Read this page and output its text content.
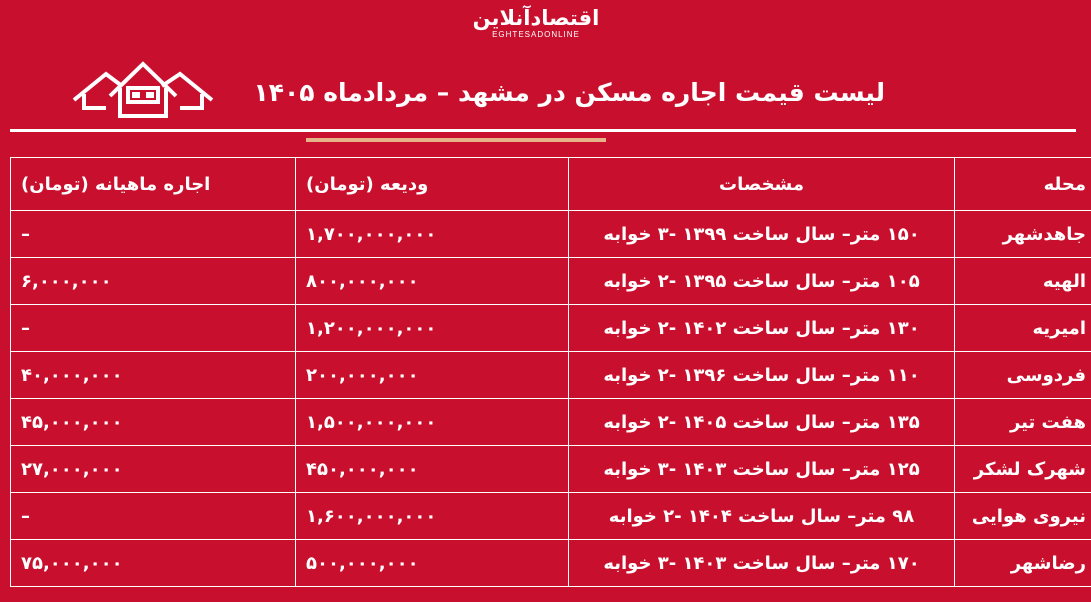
اقتصادآنلاین
EGHTESADONLINE
لیست قیمت اجاره مسکن در مشهد – مردادماه ۱۴۰۵
محله	مشخصات	ودیعه (تومان)	اجاره ماهیانه (تومان)
جاهدشهر	۱۵۰ متر– سال ساخت ۱۳۹۹ -۳ خوابه	۱,۷۰۰,۰۰۰,۰۰۰	–
الهیه	۱۰۵ متر– سال ساخت ۱۳۹۵ -۲ خوابه	۸۰۰,۰۰۰,۰۰۰	۶,۰۰۰,۰۰۰
امیریه	۱۳۰ متر– سال ساخت ۱۴۰۲ -۲ خوابه	۱,۲۰۰,۰۰۰,۰۰۰	–
فردوسی	۱۱۰ متر– سال ساخت ۱۳۹۶ -۲ خوابه	۲۰۰,۰۰۰,۰۰۰	۴۰,۰۰۰,۰۰۰
هفت تیر	۱۳۵ متر– سال ساخت ۱۴۰۵ -۲ خوابه	۱,۵۰۰,۰۰۰,۰۰۰	۴۵,۰۰۰,۰۰۰
شهرک لشکر	۱۲۵ متر– سال ساخت ۱۴۰۳ -۳ خوابه	۴۵۰,۰۰۰,۰۰۰	۲۷,۰۰۰,۰۰۰
نیروی هوایی	۹۸ متر– سال ساخت ۱۴۰۴ -۲ خوابه	۱,۶۰۰,۰۰۰,۰۰۰	–
رضاشهر	۱۷۰ متر– سال ساخت ۱۴۰۳ -۳ خوابه	۵۰۰,۰۰۰,۰۰۰	۷۵,۰۰۰,۰۰۰
